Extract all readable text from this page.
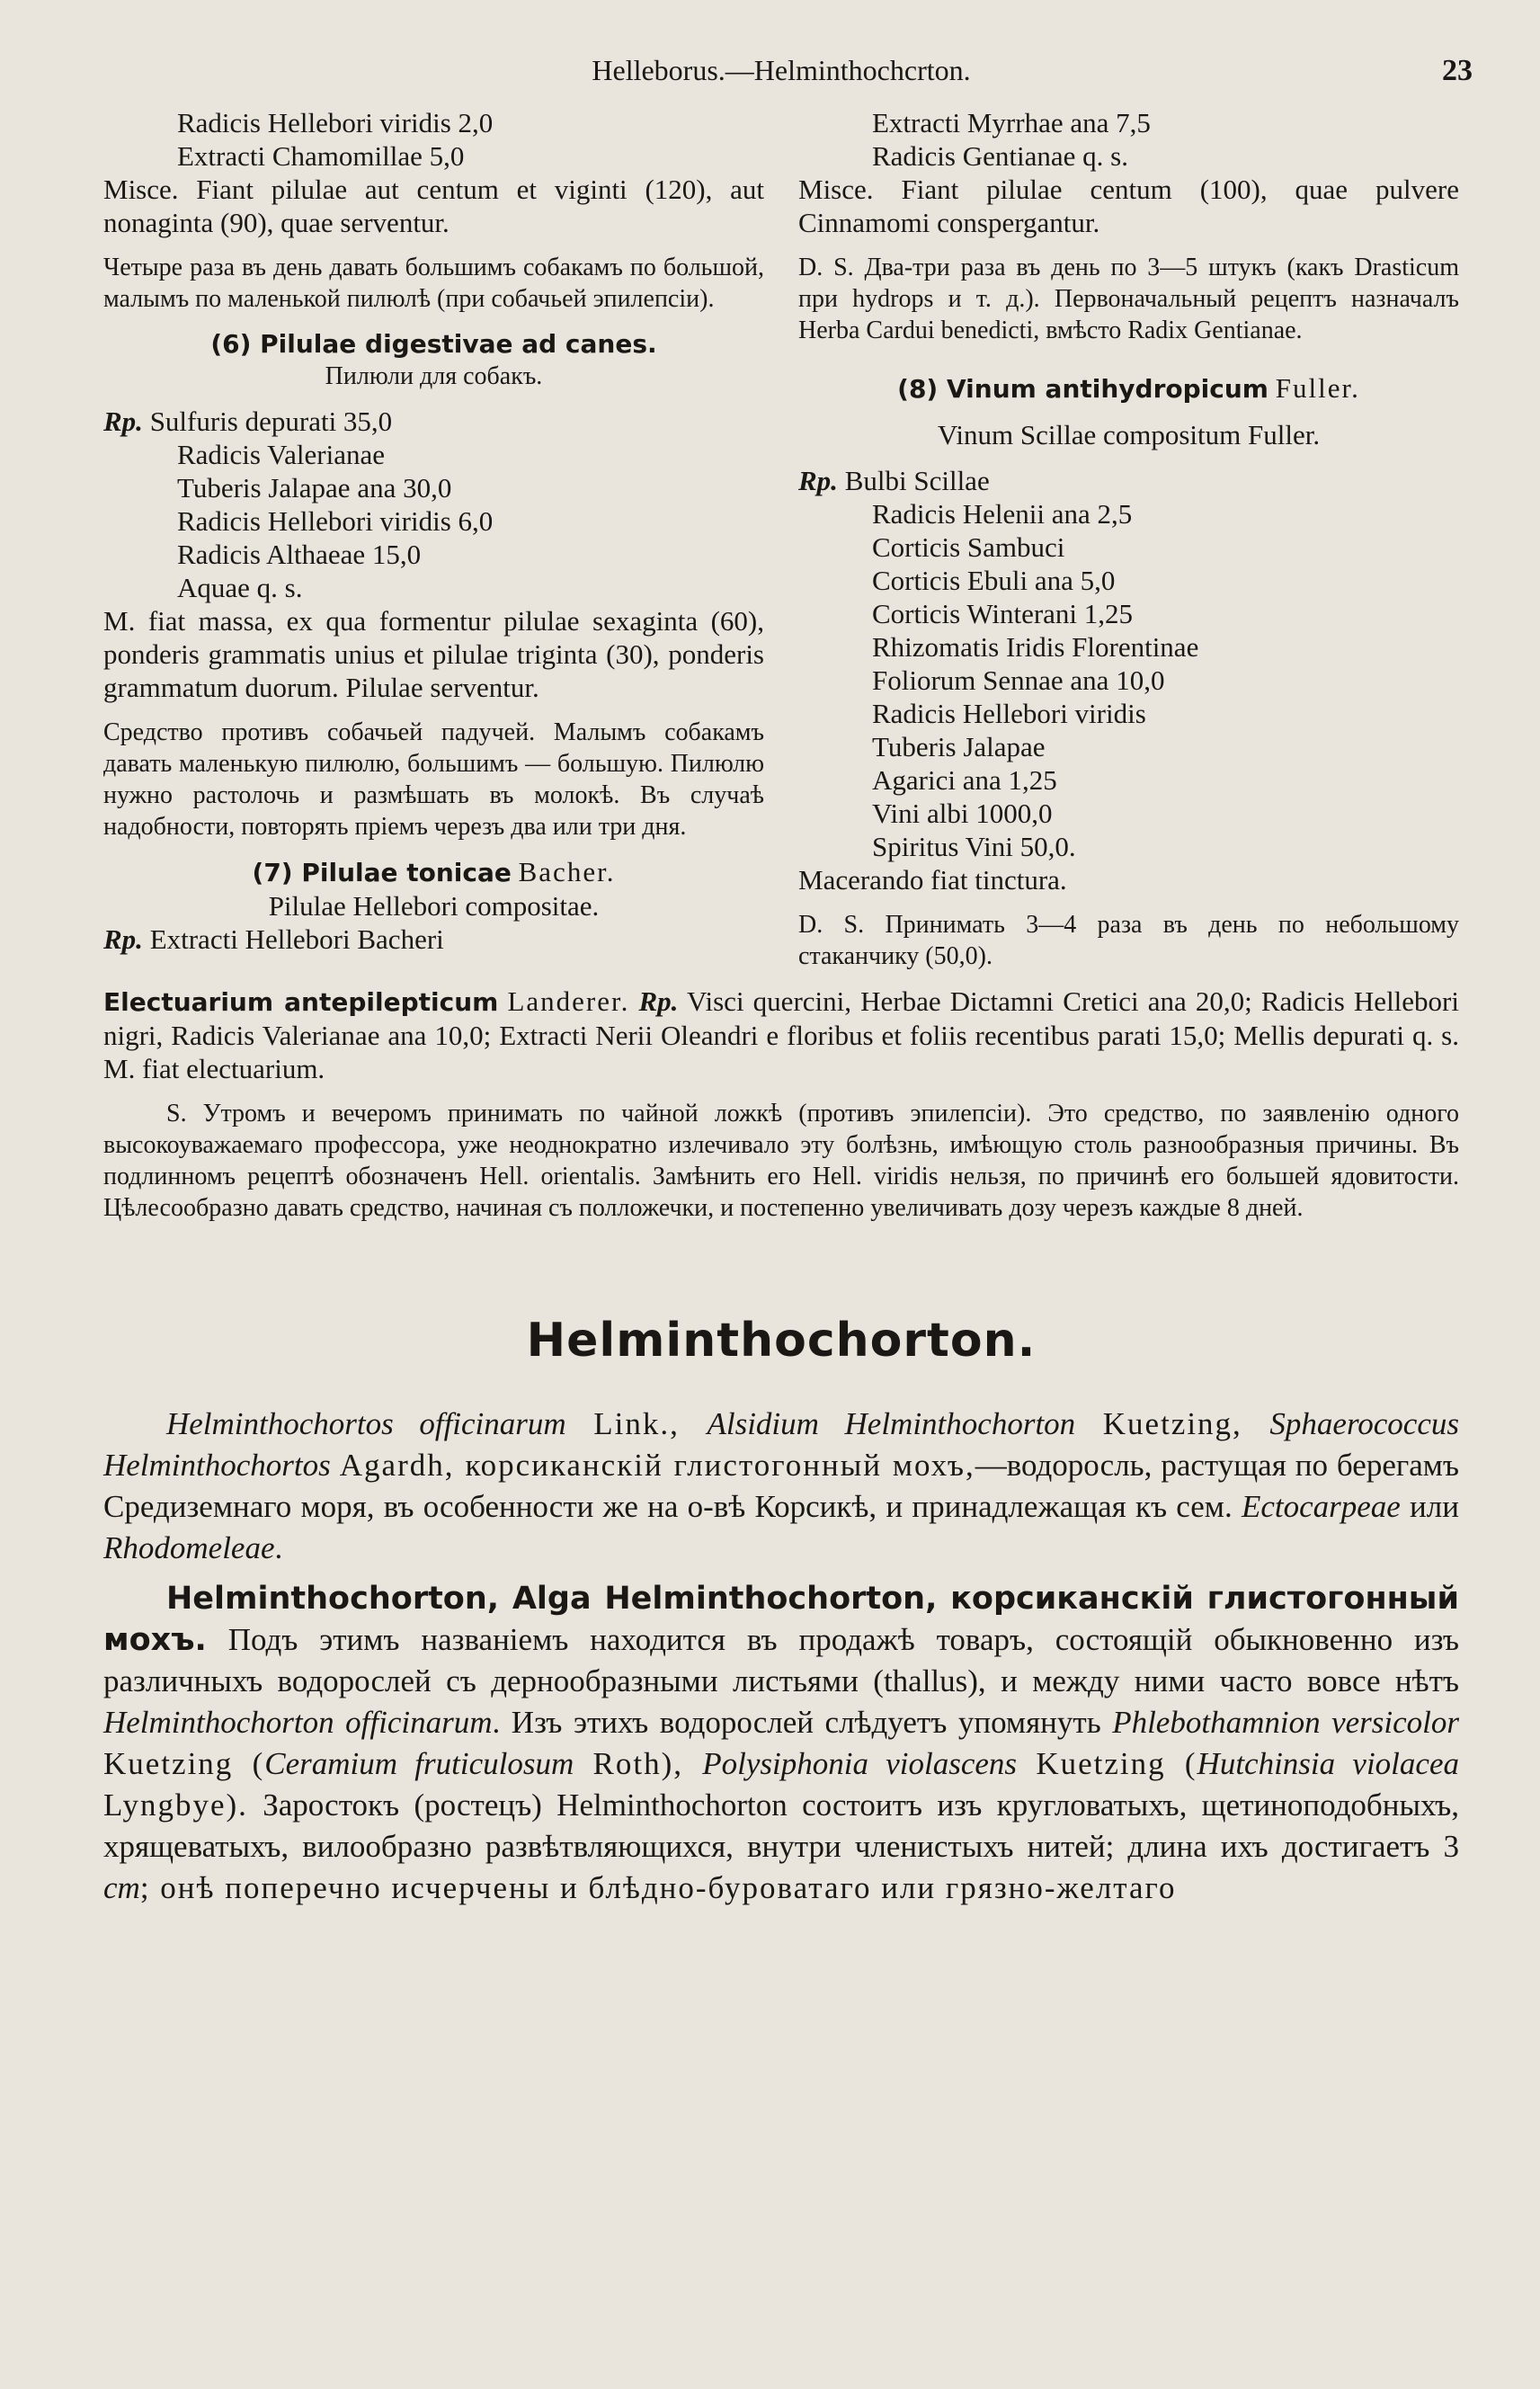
Helleborus.—Helminthochcrton.	23

Radicis Hellebori viridis 2,0

Extracti Chamomillae 5,0

Misce. Fiant pilulae aut centum et viginti (120), aut nonaginta (90), quae serventur.

Четыре раза въ день давать большимъ собакамъ по большой, малымъ по маленькой пилюлѣ (при собачьей эпилепсіи).

(6) Pilulae digestivae ad canes.

Пилюли для собакъ.

Rp. Sulfuris depurati 35,0

Radicis Valerianae

Tuberis Jalapae ana 30,0

Radicis Hellebori viridis 6,0

Radicis Althaeae 15,0

Aquae q. s.

M. fiat massa, ex qua formentur pilulae sexaginta (60), ponderis grammatis unius et pilulae triginta (30), ponderis grammatum duorum. Pilulae serventur.

Средство противъ собачьей падучей. Малымъ собакамъ давать маленькую пилюлю, большимъ — большую. Пилюлю нужно растолочь и размѣшать въ молокѣ. Въ случаѣ надобности, повторять пріемъ черезъ два или три дня.

(7) Pilulae tonicae Bacher.

Pilulae Hellebori compositae.

Rp. Extracti Hellebori Bacheri

Extracti Myrrhae ana 7,5

Radicis Gentianae q. s.

Misce. Fiant pilulae centum (100), quae pulvere Cinnamomi conspergantur.

D. S. Два-три раза въ день по 3—5 штукъ (какъ Drasticum при hydrops и т. д.). Первоначальный рецептъ назначалъ Herba Cardui benedicti, вмѣсто Radix Gentianae.

(8) Vinum antihydropicum Fuller.

Vinum Scillae compositum Fuller.

Rp. Bulbi Scillae

Radicis Helenii ana 2,5

Corticis Sambuci

Corticis Ebuli ana 5,0

Corticis Winterani 1,25

Rhizomatis Iridis Florentinae

Foliorum Sennae ana 10,0

Radicis Hellebori viridis

Tuberis Jalapae

Agarici ana 1,25

Vini albi 1000,0

Spiritus Vini 50,0.

Macerando fiat tinctura.

D. S. Принимать 3—4 раза въ день по небольшому стаканчику (50,0).

Electuarium antepilepticum Landerer. Rp. Visci quercini, Herbae Dictamni Cretici ana 20,0; Radicis Hellebori nigri, Radicis Valerianae ana 10,0; Extracti Nerii Oleandri e floribus et foliis recentibus parati 15,0; Mellis depurati q. s. M. fiat electuarium.

S. Утромъ и вечеромъ принимать по чайной ложкѣ (противъ эпилепсіи). Это средство, по заявленію одного высокоуважаемаго профессора, уже неоднократно излечивало эту болѣзнь, имѣющую столь разнообразныя причины. Въ подлинномъ рецептѣ обозначенъ Hell. orientalis. Замѣнить его Hell. viridis нельзя, по причинѣ его большей ядовитости. Цѣлесообразно давать средство, начиная съ полложечки, и постепенно увеличивать дозу черезъ каждые 8 дней.

Helminthochorton.

Helminthochortos officinarum Link., Alsidium Helminthochorton Kuetzing, Sphaerococcus Helminthochortos Agardh, корсиканскій глистогонный мохъ,—водоросль, растущая по берегамъ Средиземнаго моря, въ особенности же на о-вѣ Корсикѣ, и принадлежащая къ сем. Ectocarpeae или Rhodomeleae.

Helminthochorton, Alga Helminthochorton, корсиканскій глистогонный мохъ. Подъ этимъ названіемъ находится въ продажѣ товаръ, состоящій обыкновенно изъ различныхъ водорослей съ дернообразными листьями (thallus), и между ними часто вовсе нѣтъ Helminthochorton officinarum. Изъ этихъ водорослей слѣдуетъ упомянуть Phlebothamnion versicolor Kuetzing (Ceramium fruticulosum Roth), Polysiphonia violascens Kuetzing (Hutchinsia violacea Lyngbye). Заростокъ (ростецъ) Helminthochorton состоитъ изъ кругловатыхъ, щетиноподобныхъ, хрящеватыхъ, вилообразно развѣтвляющихся, внутри членистыхъ нитей; длина ихъ достигаетъ 3 cm; онѣ поперечно исчерчены и блѣдно-буроватаго или грязно-желтаго
